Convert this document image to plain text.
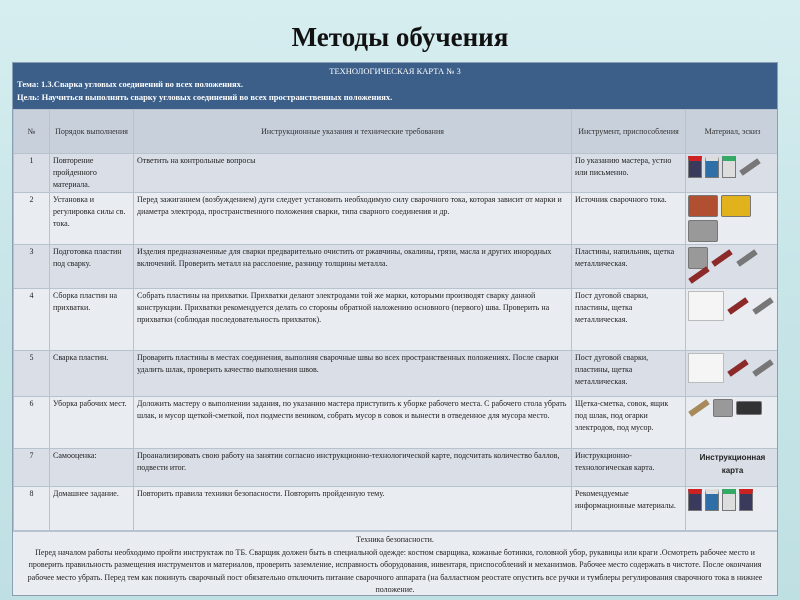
Методы обучения
ТЕХНОЛОГИЧЕСКАЯ КАРТА № 3
Тема: 1.3.Сварка угловых соединений во всех положениях.
Цель: Научиться выполнять сварку угловых соединений во всех пространственных положениях.
№	Порядок выполнения	Инструкционные указания и технические требования	Инструмент, приспособления	Материал, эскиз
1	Повторение пройденного материала.	Ответить на контрольные вопросы	По указанию мастера, устно или письменно.	

2	Установка и регулировка силы св. тока.	Перед зажиганием (возбуждением) дуги следует установить необходимую силу сварочного тока, которая зависит от марки и диаметра электрода, пространственного положения сварки, типа сварного соединения и др.	Источник сварочного тока.	

3	Подготовка пластин под сварку.	Изделия предназначенные для сварки предварительно очистить от ржавчины, окалины, грязи, масла и других инородных включений. Проверить металл на расслоение, разницу толщины металла.	Пластины, напильник, щетка металлическая.	

4	Сборка пластин на прихватки.	Собрать пластины на прихватки. Прихватки делают электродами той же марки, которыми производят сварку данной конструкции. Прихватки рекомендуется делать со стороны обратной наложению основного (первого) шва. Проверить на прихватки (соблюдая последовательность прихваток).	Пост дуговой сварки, пластины, щетка металлическая.	

5	Сварка пластин.	Проварить пластины в местах соединения, выполняя сварочные швы во всех пространственных положениях. После сварки удалить шлак, проверить качество выполнения швов.	Пост дуговой сварки, пластины, щетка металлическая.	

6	Уборка рабочих мест.	Доложить мастеру о выполнении задания, по указанию мастера приступить к уборке рабочего места. С рабочего стола убрать шлак, и мусор щеткой-сметкой, пол подмести веником, собрать мусор в совок и вынести в отведенное для мусора место.	Щетка-сметка, совок, ящик под шлак, под огарки электродов, под мусор.	

7	Самооценка:	Проанализировать свою работу на занятии согласно инструкционно-технологической карте, подсчитать количество баллов, подвести итог.	Инструкционно-технологическая карта.	Инструкционная карта
8	Домашнее задание.	Повторить правила техники безопасности. Повторить пройденную тему.	Рекомендуемые информационные материалы.	
Техника безопасности.
Перед началом работы необходимо пройти инструктаж по ТБ. Сварщик должен быть в специальной одежде: костюм сварщика, кожаные ботинки, головной убор, рукавицы или краги .Осмотреть рабочее место и проверить правильность размещения инструментов и материалов, проверить заземление, исправность оборудования, инвентаря, приспособлений и механизмов. Рабочее место содержать в чистоте. После окончания рабочее место убрать. Перед тем как покинуть сварочный пост обязательно отключить питание сварочного аппарата (на балластном реостате опустить все ручки и тумблеры регулирования сварочного тока в нижнее положение.
